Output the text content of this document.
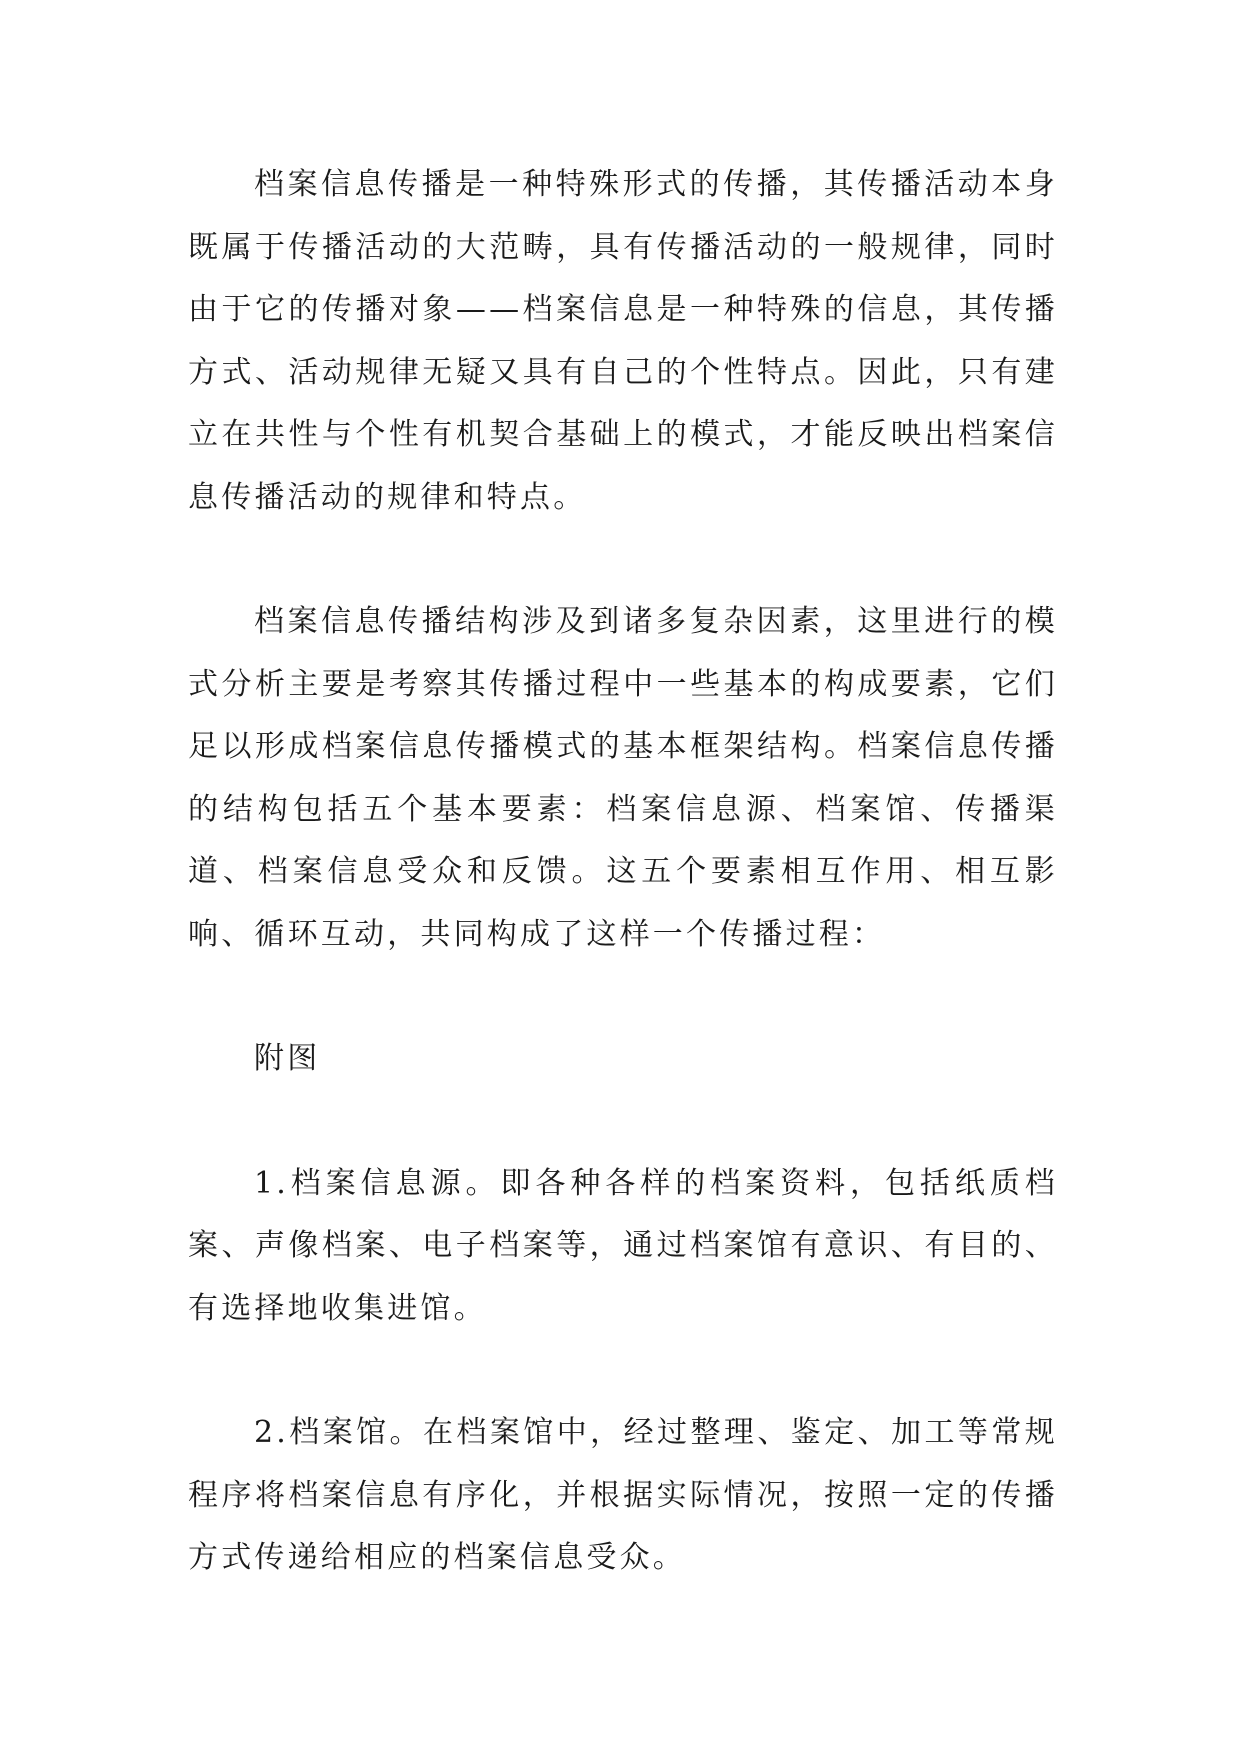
档案信息传播是一种特殊形式的传播，其传播活动本身既属于传播活动的大范畴，具有传播活动的一般规律，同时由于它的传播对象——档案信息是一种特殊的信息，其传播方式、活动规律无疑又具有自己的个性特点。因此，只有建立在共性与个性有机契合基础上的模式，才能反映出档案信息传播活动的规律和特点。

档案信息传播结构涉及到诸多复杂因素，这里进行的模式分析主要是考察其传播过程中一些基本的构成要素，它们足以形成档案信息传播模式的基本框架结构。档案信息传播的结构包括五个基本要素：档案信息源、档案馆、传播渠道、档案信息受众和反馈。这五个要素相互作用、相互影响、循环互动，共同构成了这样一个传播过程：

附图

1.档案信息源。即各种各样的档案资料，包括纸质档案、声像档案、电子档案等，通过档案馆有意识、有目的、有选择地收集进馆。

2.档案馆。在档案馆中，经过整理、鉴定、加工等常规程序将档案信息有序化，并根据实际情况，按照一定的传播方式传递给相应的档案信息受众。
